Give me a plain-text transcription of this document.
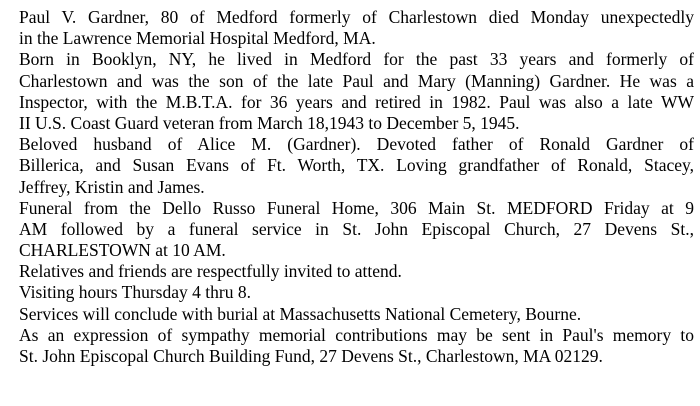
Paul V. Gardner, 80 of Medford formerly of Charlestown died Monday unexpectedly
in the Lawrence Memorial Hospital Medford, MA.
Born in Booklyn, NY, he lived in Medford for the past 33 years and formerly of
Charlestown and was the son of the late Paul and Mary (Manning) Gardner. He was a
Inspector, with the M.B.T.A. for 36 years and retired in 1982. Paul was also a late WW
II U.S. Coast Guard veteran from March 18,1943 to December 5, 1945.
Beloved husband of Alice M. (Gardner). Devoted father of Ronald Gardner of
Billerica, and Susan Evans of Ft. Worth, TX. Loving grandfather of Ronald, Stacey,
Jeffrey, Kristin and James.
Funeral from the Dello Russo Funeral Home, 306 Main St. MEDFORD Friday at 9
AM followed by a funeral service in St. John Episcopal Church, 27 Devens St.,
CHARLESTOWN at 10 AM.
Relatives and friends are respectfully invited to attend.
Visiting hours Thursday 4 thru 8.
Services will conclude with burial at Massachusetts National Cemetery, Bourne.
As an expression of sympathy memorial contributions may be sent in Paul's memory to
St. John Episcopal Church Building Fund, 27 Devens St., Charlestown, MA 02129.
